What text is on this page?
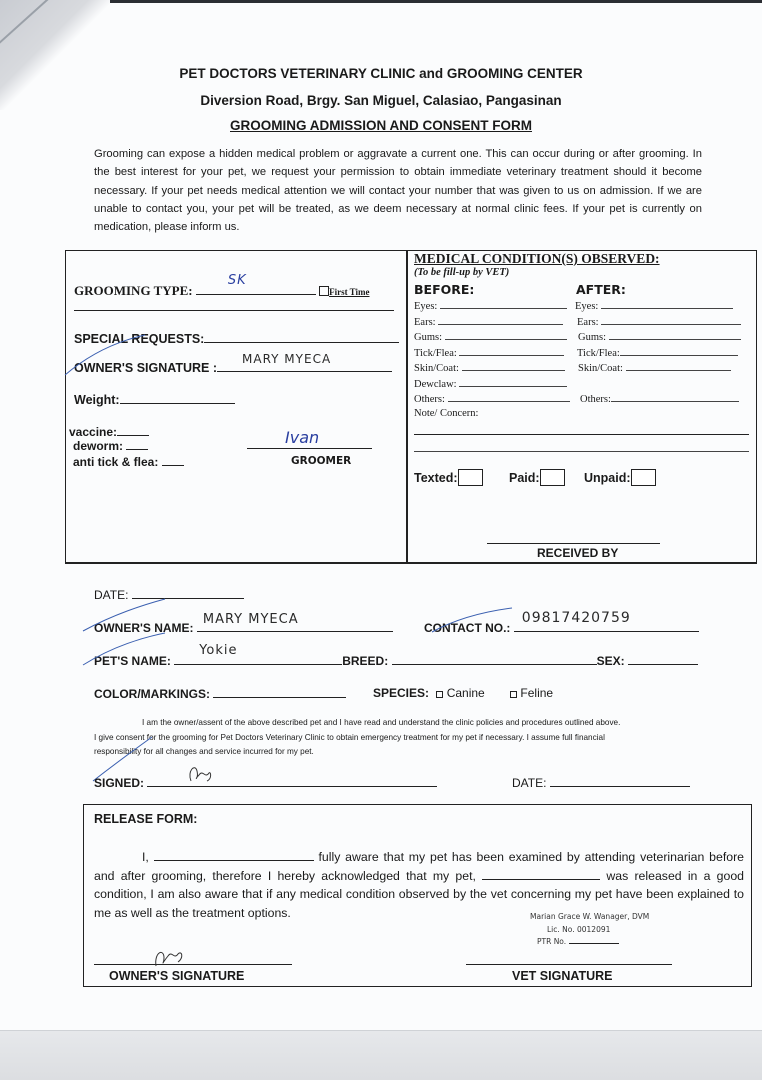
PET DOCTORS VETERINARY CLINIC and GROOMING CENTER
Diversion Road, Brgy. San Miguel, Calasiao, Pangasinan
GROOMING ADMISSION AND CONSENT FORM
Grooming can expose a hidden medical problem or aggravate a current one. This can occur during or after grooming. In the best interest for your pet, we request your permission to obtain immediate veterinary treatment should it become necessary. If your pet needs medical attention we will contact your number that was given to us on admission. If we are unable to contact you, your pet will be treated, as we deem necessary at normal clinic fees. If your pet is currently on medication, please inform us.
GROOMING TYPE:
SK
First Time
SPECIAL REQUESTS:
OWNER'S SIGNATURE :
MARY MYECA
Weight:
vaccine:
deworm:
anti tick & flea:
Ivan
GROOMER
MEDICAL CONDITION(S) OBSERVED:
(To be fill-up by VET)
BEFORE:	AFTER:
Eyes:	Eyes:
Ears:	Ears:
Gums:	Gums:
Tick/Flea:	Tick/Flea:
Skin/Coat:	Skin/Coat:
Dewclaw:
Others:	Others:
Note/ Concern:
Texted:	Paid:	Unpaid:
RECEIVED BY
DATE:
OWNER'S NAME:
MARY MYECA
CONTACT NO.:
09817420759
PET'S NAME:
Yokie
BREED:	SEX:
COLOR/MARKINGS:	SPECIES: Canine	Feline
I am the owner/assent of the above described pet and I have read and understand the clinic policies and procedures outlined above.
I give consent for the grooming for Pet Doctors Veterinary Clinic to obtain emergency treatment for my pet if necessary. I assume full financial
responsibility for all changes and service incurred for my pet.
SIGNED:	DATE:
RELEASE FORM:
I,	fully aware that my pet has been examined by attending veterinarian before and after grooming, therefore I hereby acknowledged that my pet,	was released in a good condition, I am also aware that if any medical condition observed by the vet concerning my pet have been explained to me as well as the treatment options.	Marian Grace W. Wanager, DVM
Lic. No. 0012091
PTR No.
OWNER'S SIGNATURE	VET SIGNATURE
